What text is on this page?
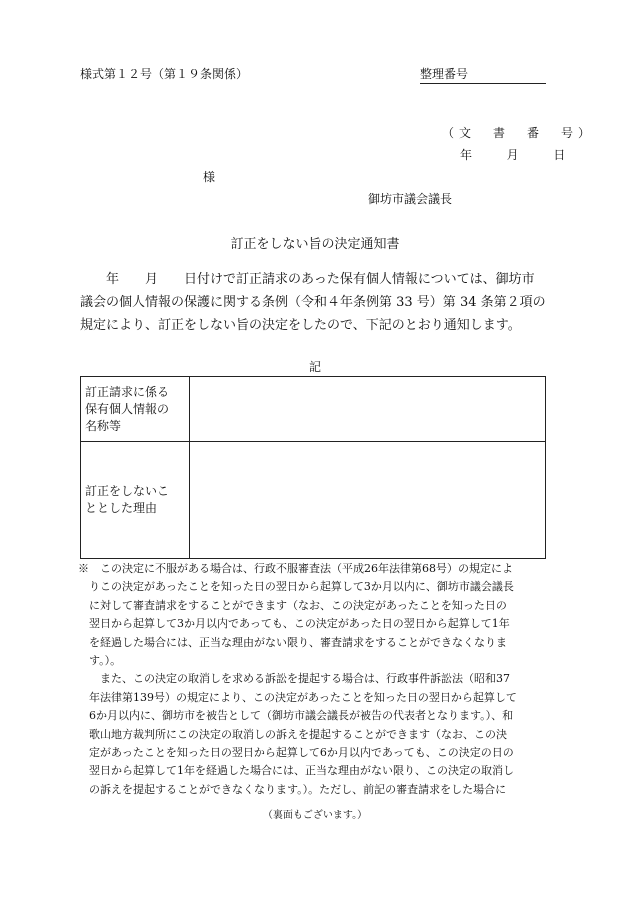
様式第１２号（第１９条関係）	整理番号
（文　書　番　号）
年	月	日
様
御坊市議会議長
訂正をしない旨の決定通知書

　　年　　月　　日付けで訂正請求のあった保有個人情報については、御坊市

議会の個人情報の保護に関する条例（令和４年条例第 33 号）第 34 条第２項の

規定により、訂正をしない旨の決定をしたので、下記のとおり通知します。

記
訂正請求に係る
保有個人情報の
名称等	

訂正をしないこ
ととした理由	

※　この決定に不服がある場合は、行政不服審査法（平成26年法律第68号）の規定によ
　りこの決定があったことを知った日の翌日から起算して3か月以内に、御坊市議会議長
　に対して審査請求をすることができます（なお、この決定があったことを知った日の
　翌日から起算して3か月以内であっても、この決定があった日の翌日から起算して1年
　を経過した場合には、正当な理由がない限り、審査請求をすることができなくなりま
　す。）。
　　また、この決定の取消しを求める訴訟を提起する場合は、行政事件訴訟法（昭和37
　年法律第139号）の規定により、この決定があったことを知った日の翌日から起算して
　6か月以内に、御坊市を被告として（御坊市議会議長が被告の代表者となります。）、和
　歌山地方裁判所にこの決定の取消しの訴えを提起することができます（なお、この決
　定があったことを知った日の翌日から起算して6か月以内であっても、この決定の日の
　翌日から起算して1年を経過した場合には、正当な理由がない限り、この決定の取消し
　の訴えを提起することができなくなります。）。ただし、前記の審査請求をした場合に
（裏面もございます。）
